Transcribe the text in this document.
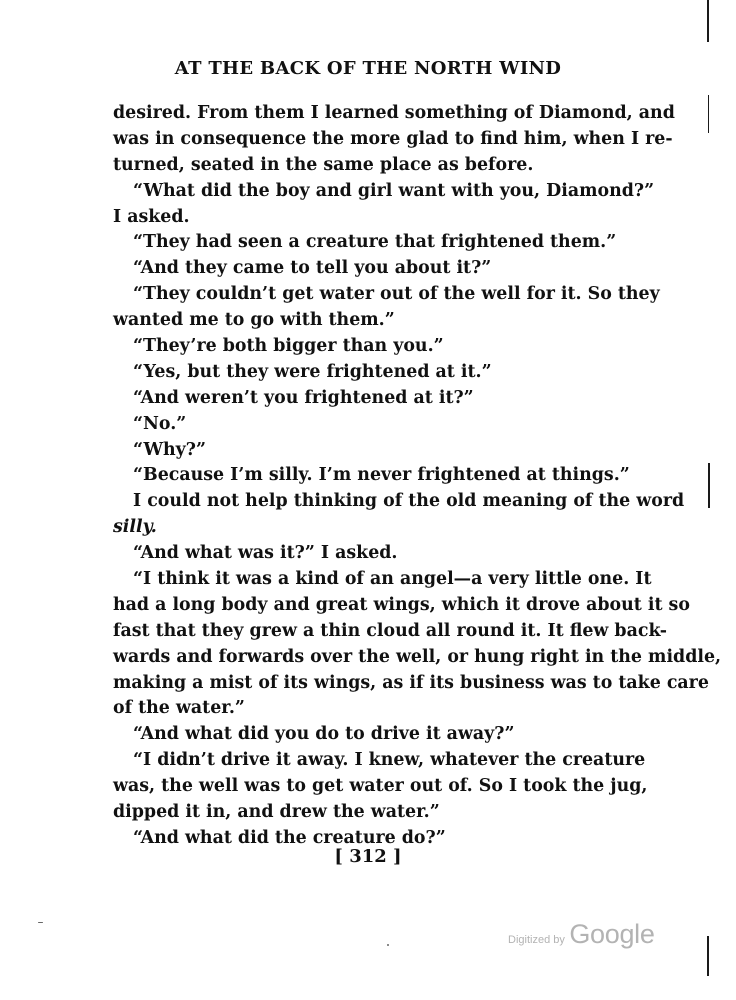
AT THE BACK OF THE NORTH WIND
desired. From them I learned something of Diamond, and
was in consequence the more glad to find him, when I re-
turned, seated in the same place as before.
“What did the boy and girl want with you, Diamond?”
I asked.
“They had seen a creature that frightened them.”
“And they came to tell you about it?”
“They couldn’t get water out of the well for it. So they
wanted me to go with them.”
“They’re both bigger than you.”
“Yes, but they were frightened at it.”
“And weren’t you frightened at it?”
“No.”
“Why?”
“Because I’m silly. I’m never frightened at things.”
I could not help thinking of the old meaning of the word
silly.
“And what was it?” I asked.
“I think it was a kind of an angel—a very little one. It
had a long body and great wings, which it drove about it so
fast that they grew a thin cloud all round it. It flew back-
wards and forwards over the well, or hung right in the middle,
making a mist of its wings, as if its business was to take care
of the water.”
“And what did you do to drive it away?”
“I didn’t drive it away. I knew, whatever the creature
was, the well was to get water out of. So I took the jug,
dipped it in, and drew the water.”
“And what did the creature do?”
[ 312 ]
Digitized by Google
